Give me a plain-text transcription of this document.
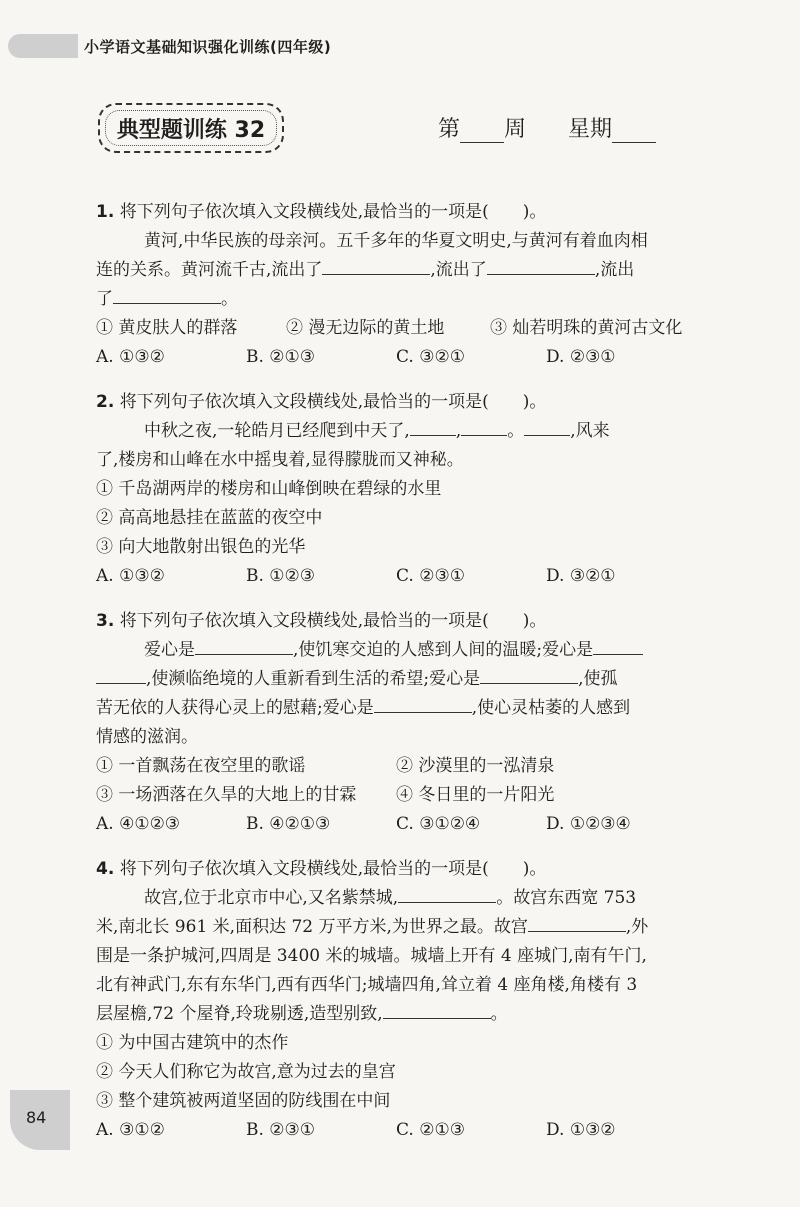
小学语文基础知识强化训练(四年级)
典型题训练 32	第 周 星期

1. 将下列句子依次填入文段横线处,最恰当的一项是( )。

黄河,中华民族的母亲河。五千多年的华夏文明史,与黄河有着血肉相

连的关系。黄河流千古,流出了	,流出了	,流出

了	。

① 黄皮肤人的群落	② 漫无边际的黄土地	③ 灿若明珠的黄河古文化
A. ①③②	B. ②①③	C. ③②①	D. ②③①

2. 将下列句子依次填入文段横线处,最恰当的一项是( )。

中秋之夜,一轮皓月已经爬到中天了,	,	。	,风来

了,楼房和山峰在水中摇曳着,显得朦胧而又神秘。

① 千岛湖两岸的楼房和山峰倒映在碧绿的水里

② 高高地悬挂在蓝蓝的夜空中

③ 向大地散射出银色的光华

A. ①③②	B. ①②③	C. ②③①	D. ③②①

3. 将下列句子依次填入文段横线处,最恰当的一项是( )。

爱心是	,使饥寒交迫的人感到人间的温暖;爱心是

,使濒临绝境的人重新看到生活的希望;爱心是	,使孤

苦无依的人获得心灵上的慰藉;爱心是	,使心灵枯萎的人感到

情感的滋润。

① 一首飘荡在夜空里的歌谣	② 沙漠里的一泓清泉
③ 一场洒落在久旱的大地上的甘霖	④ 冬日里的一片阳光
A. ④①②③	B. ④②①③	C. ③①②④	D. ①②③④

4. 将下列句子依次填入文段横线处,最恰当的一项是( )。

故宫,位于北京市中心,又名紫禁城,	。故宫东西宽 753

米,南北长 961 米,面积达 72 万平方米,为世界之最。故宫	,外

围是一条护城河,四周是 3400 米的城墙。城墙上开有 4 座城门,南有午门,

北有神武门,东有东华门,西有西华门;城墙四角,耸立着 4 座角楼,角楼有 3

层屋檐,72 个屋脊,玲珑剔透,造型别致,	。

① 为中国古建筑中的杰作

② 今天人们称它为故宫,意为过去的皇宫

③ 整个建筑被两道坚固的防线围在中间

A. ③①②	B. ②③①	C. ②①③	D. ①③②
84
